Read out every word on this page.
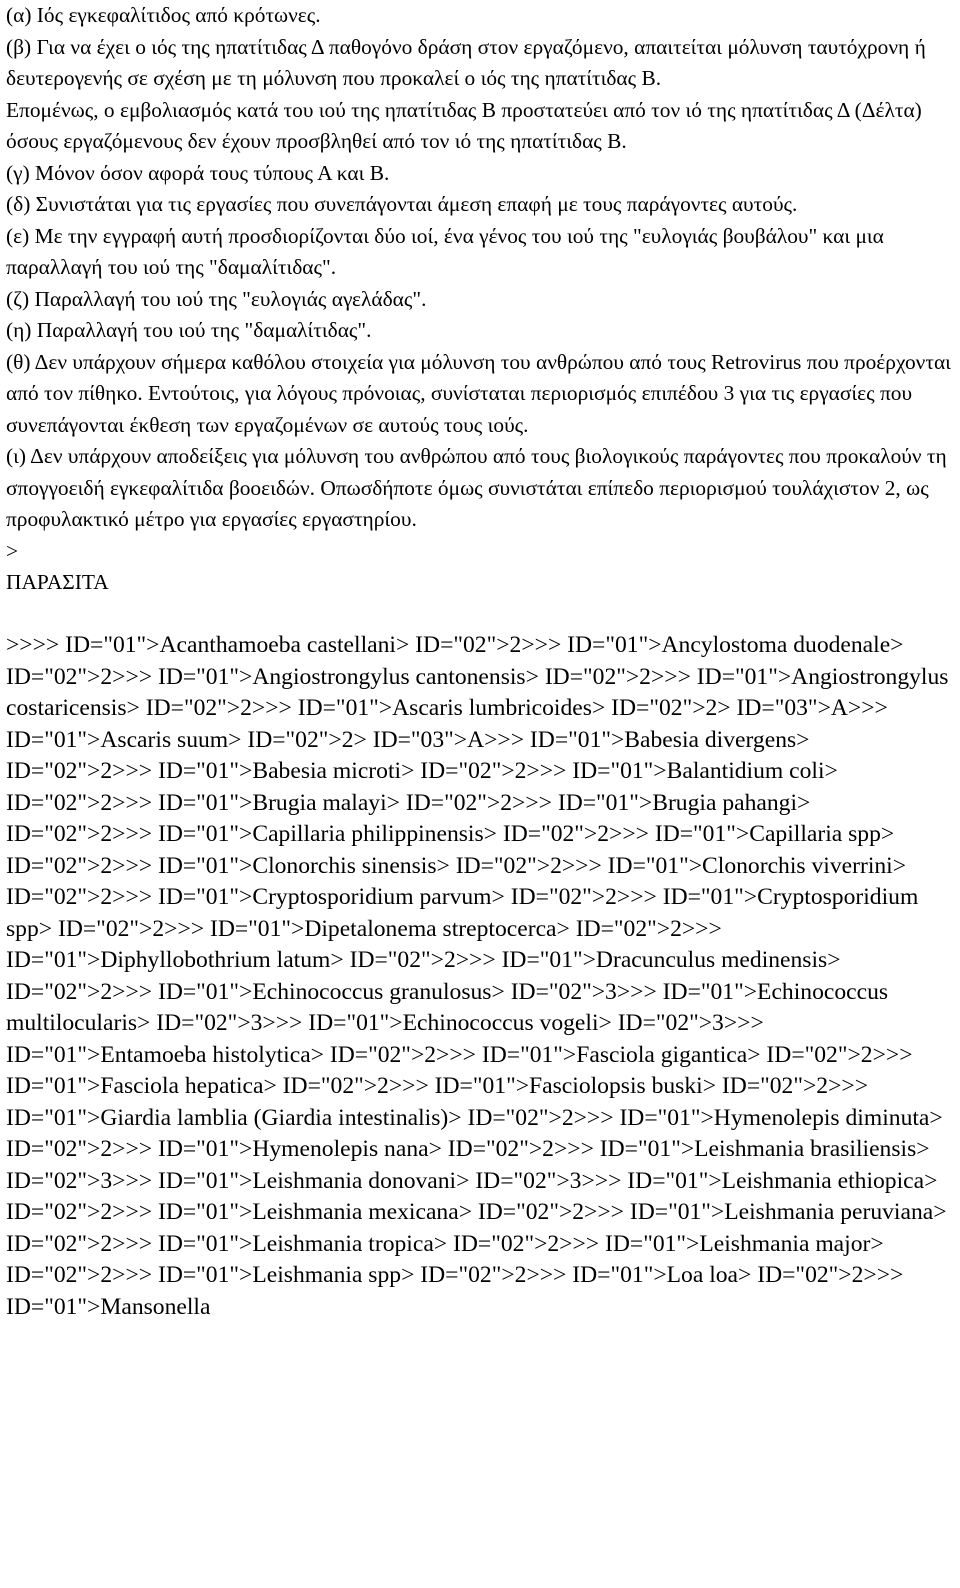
(α) Ιός εγκεφαλίτιδος από κρότωνες.

(β) Για να έχει ο ιός της ηπατίτιδας Δ παθογόνο δράση στον εργαζόμενο, απαιτείται μόλυνση ταυτόχρονη ή δευτερογενής σε σχέση με τη μόλυνση που προκαλεί ο ιός της ηπατίτιδας Β.

Επομένως, ο εμβολιασμός κατά του ιού της ηπατίτιδας Β προστατεύει από τον ιό της ηπατίτιδας Δ (Δέλτα) όσους εργαζόμενους δεν έχουν προσβληθεί από τον ιό της ηπατίτιδας Β.

(γ) Μόνον όσον αφορά τους τύπους Α και Β.

(δ) Συνιστάται για τις εργασίες που συνεπάγονται άμεση επαφή με τους παράγοντες αυτούς.

(ε) Με την εγγραφή αυτή προσδιορίζονται δύο ιοί, ένα γένος του ιού της "ευλογιάς βουβάλου" και μια παραλλαγή του ιού της "δαμαλίτιδας".

(ζ) Παραλλαγή του ιού της "ευλογιάς αγελάδας".

(η) Παραλλαγή του ιού της "δαμαλίτιδας".

(θ) Δεν υπάρχουν σήμερα καθόλου στοιχεία για μόλυνση του ανθρώπου από τους Retrovirus που προέρχονται από τον πίθηκο. Εντούτοις, για λόγους πρόνοιας, συνίσταται περιορισμός επιπέδου 3 για τις εργασίες που συνεπάγονται έκθεση των εργαζομένων σε αυτούς τους ιούς.

(ι) Δεν υπάρχουν αποδείξεις για μόλυνση του ανθρώπου από τους βιολογικούς παράγοντες που προκαλούν τη σπογγοειδή εγκεφαλίτιδα βοοειδών. Οπωσδήποτε όμως συνιστάται επίπεδο περιορισμού τουλάχιστον 2, ως προφυλακτικό μέτρο για εργασίες εργαστηρίου.

>

ΠΑΡΑΣΙΤΑ

>>>> ID="01">Acanthamoeba castellani> ID="02">2>>> ID="01">Ancylostoma duodenale> ID="02">2>>> ID="01">Angiostrongylus cantonensis> ID="02">2>>> ID="01">Angiostrongylus costaricensis> ID="02">2>>> ID="01">Ascaris lumbricoides> ID="02">2> ID="03">A>>> ID="01">Ascaris suum> ID="02">2> ID="03">A>>> ID="01">Babesia divergens> ID="02">2>>> ID="01">Babesia microti> ID="02">2>>> ID="01">Balantidium coli> ID="02">2>>> ID="01">Brugia malayi> ID="02">2>>> ID="01">Brugia pahangi> ID="02">2>>> ID="01">Capillaria philippinensis> ID="02">2>>> ID="01">Capillaria spp> ID="02">2>>> ID="01">Clonorchis sinensis> ID="02">2>>> ID="01">Clonorchis viverrini> ID="02">2>>> ID="01">Cryptosporidium parvum> ID="02">2>>> ID="01">Cryptosporidium spp> ID="02">2>>> ID="01">Dipetalonema streptocerca> ID="02">2>>> ID="01">Diphyllobothrium latum> ID="02">2>>> ID="01">Dracunculus medinensis> ID="02">2>>> ID="01">Echinococcus granulosus> ID="02">3>>> ID="01">Echinococcus multilocularis> ID="02">3>>> ID="01">Echinococcus vogeli> ID="02">3>>> ID="01">Entamoeba histolytica> ID="02">2>>> ID="01">Fasciola gigantica> ID="02">2>>> ID="01">Fasciola hepatica> ID="02">2>>> ID="01">Fasciolopsis buski> ID="02">2>>> ID="01">Giardia lamblia (Giardia intestinalis)> ID="02">2>>> ID="01">Hymenolepis diminuta> ID="02">2>>> ID="01">Hymenolepis nana> ID="02">2>>> ID="01">Leishmania brasiliensis> ID="02">3>>> ID="01">Leishmania donovani> ID="02">3>>> ID="01">Leishmania ethiopica> ID="02">2>>> ID="01">Leishmania mexicana> ID="02">2>>> ID="01">Leishmania peruviana> ID="02">2>>> ID="01">Leishmania tropica> ID="02">2>>> ID="01">Leishmania major> ID="02">2>>> ID="01">Leishmania spp> ID="02">2>>> ID="01">Loa loa> ID="02">2>>> ID="01">Mansonella
